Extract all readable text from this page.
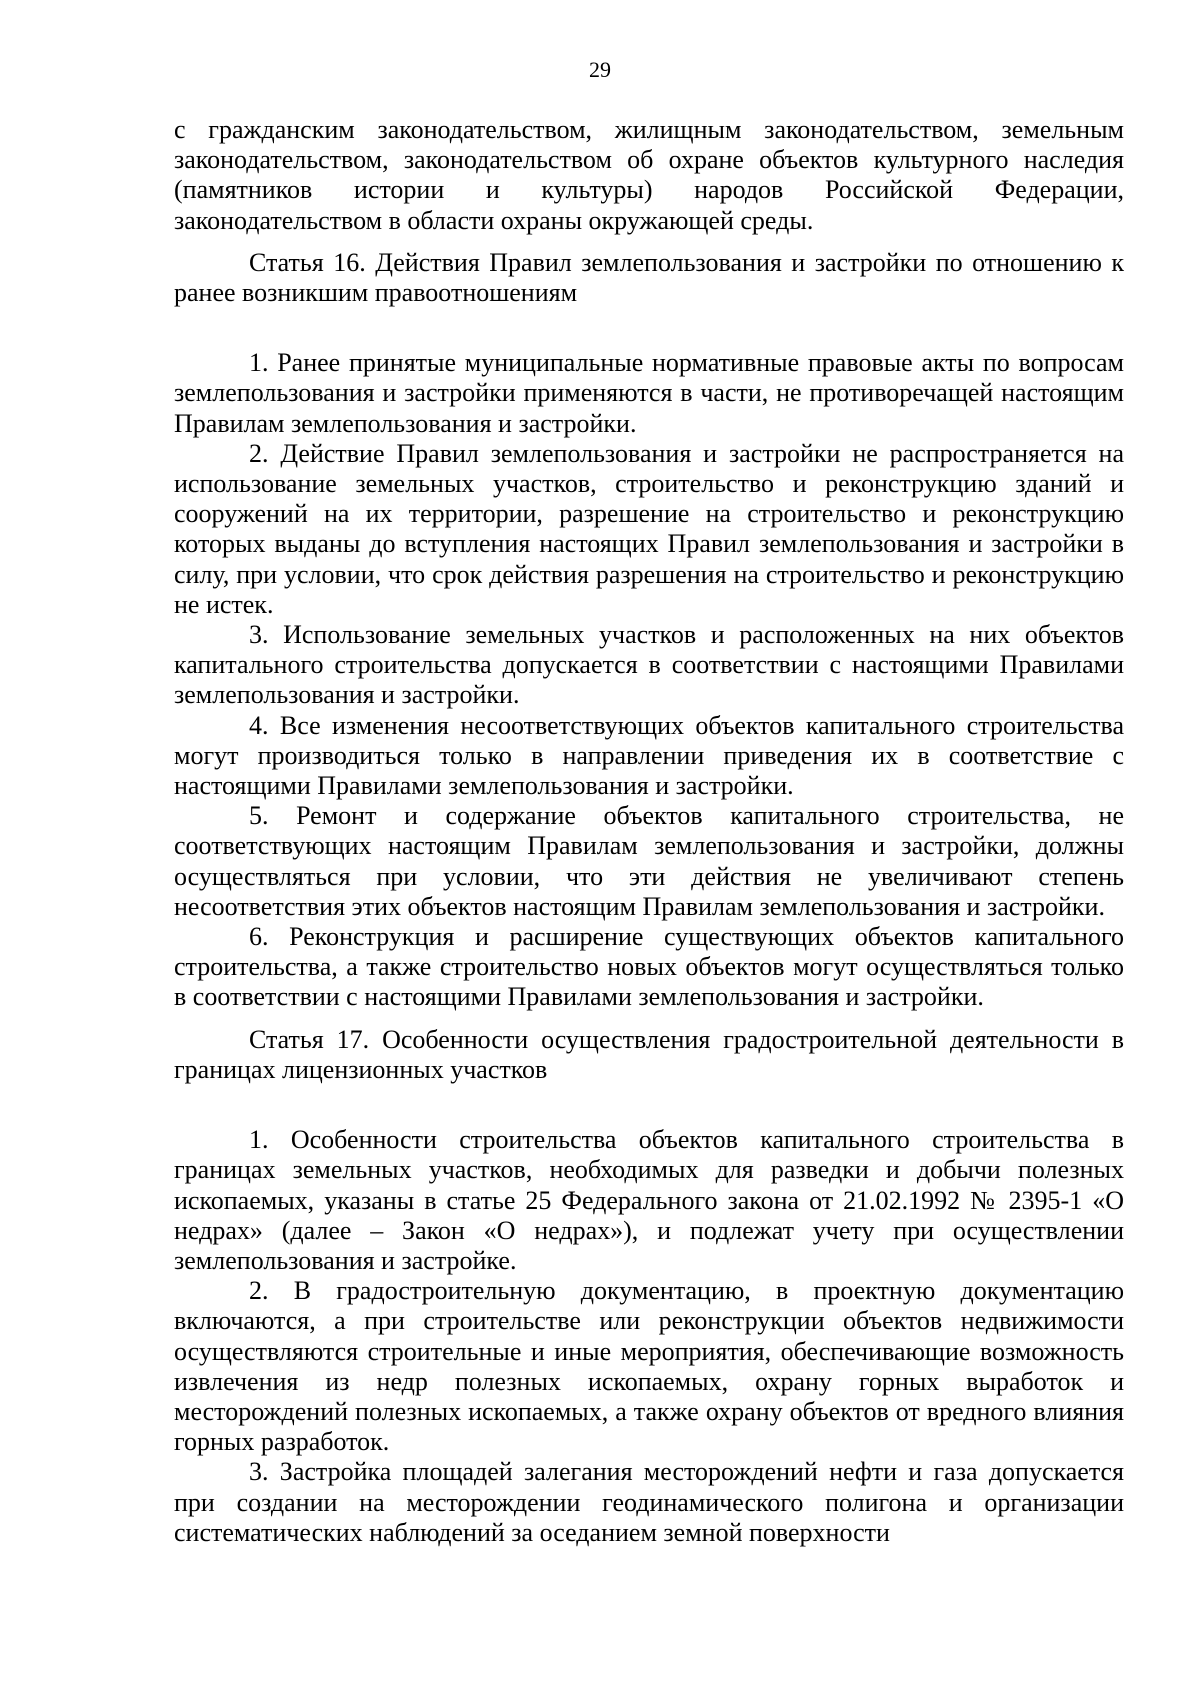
29

с гражданским законодательством, жилищным законодательством, земельным законодательством, законодательством об охране объектов культурного наследия (памятников истории и культуры) народов Российской Федерации, законодательством в области охраны окружающей среды.

Статья 16. Действия Правил землепользования и застройки по отношению к ранее возникшим правоотношениям

1. Ранее принятые муниципальные нормативные правовые акты по вопросам землепользования и застройки применяются в части, не противоречащей настоящим Правилам землепользования и застройки.

2. Действие Правил землепользования и застройки не распространяется на использование земельных участков, строительство и реконструкцию зданий и сооружений на их территории, разрешение на строительство и реконструкцию которых выданы до вступления настоящих Правил землепользования и застройки в силу, при условии, что срок действия разрешения на строительство и реконструкцию не истек.

3. Использование земельных участков и расположенных на них объектов капитального строительства допускается в соответствии с настоящими Правилами землепользования и застройки.

4. Все изменения несоответствующих объектов капитального строительства могут производиться только в направлении приведения их в соответствие с настоящими Правилами землепользования и застройки.

5. Ремонт и содержание объектов капитального строительства, не соответствующих настоящим Правилам землепользования и застройки, должны осуществляться при условии, что эти действия не увеличивают степень несоответствия этих объектов настоящим Правилам землепользования и застройки.

6. Реконструкция и расширение существующих объектов капитального строительства, а также строительство новых объектов могут осуществляться только в соответствии с настоящими Правилами землепользования и застройки.

Статья 17. Особенности осуществления градостроительной деятельности в границах лицензионных участков

1. Особенности строительства объектов капитального строительства в границах земельных участков, необходимых для разведки и добычи полезных ископаемых, указаны в статье 25 Федерального закона от 21.02.1992 № 2395-1 «О недрах» (далее – Закон «О недрах»), и подлежат учету при осуществлении землепользования и застройке.

2. В градостроительную документацию, в проектную документацию включаются, а при строительстве или реконструкции объектов недвижимости осуществляются строительные и иные мероприятия, обеспечивающие возможность извлечения из недр полезных ископаемых, охрану горных выработок и месторождений полезных ископаемых, а также охрану объектов от вредного влияния горных разработок.

3. Застройка площадей залегания месторождений нефти и газа допускается при создании на месторождении геодинамического полигона и организации систематических наблюдений за оседанием земной поверхности
